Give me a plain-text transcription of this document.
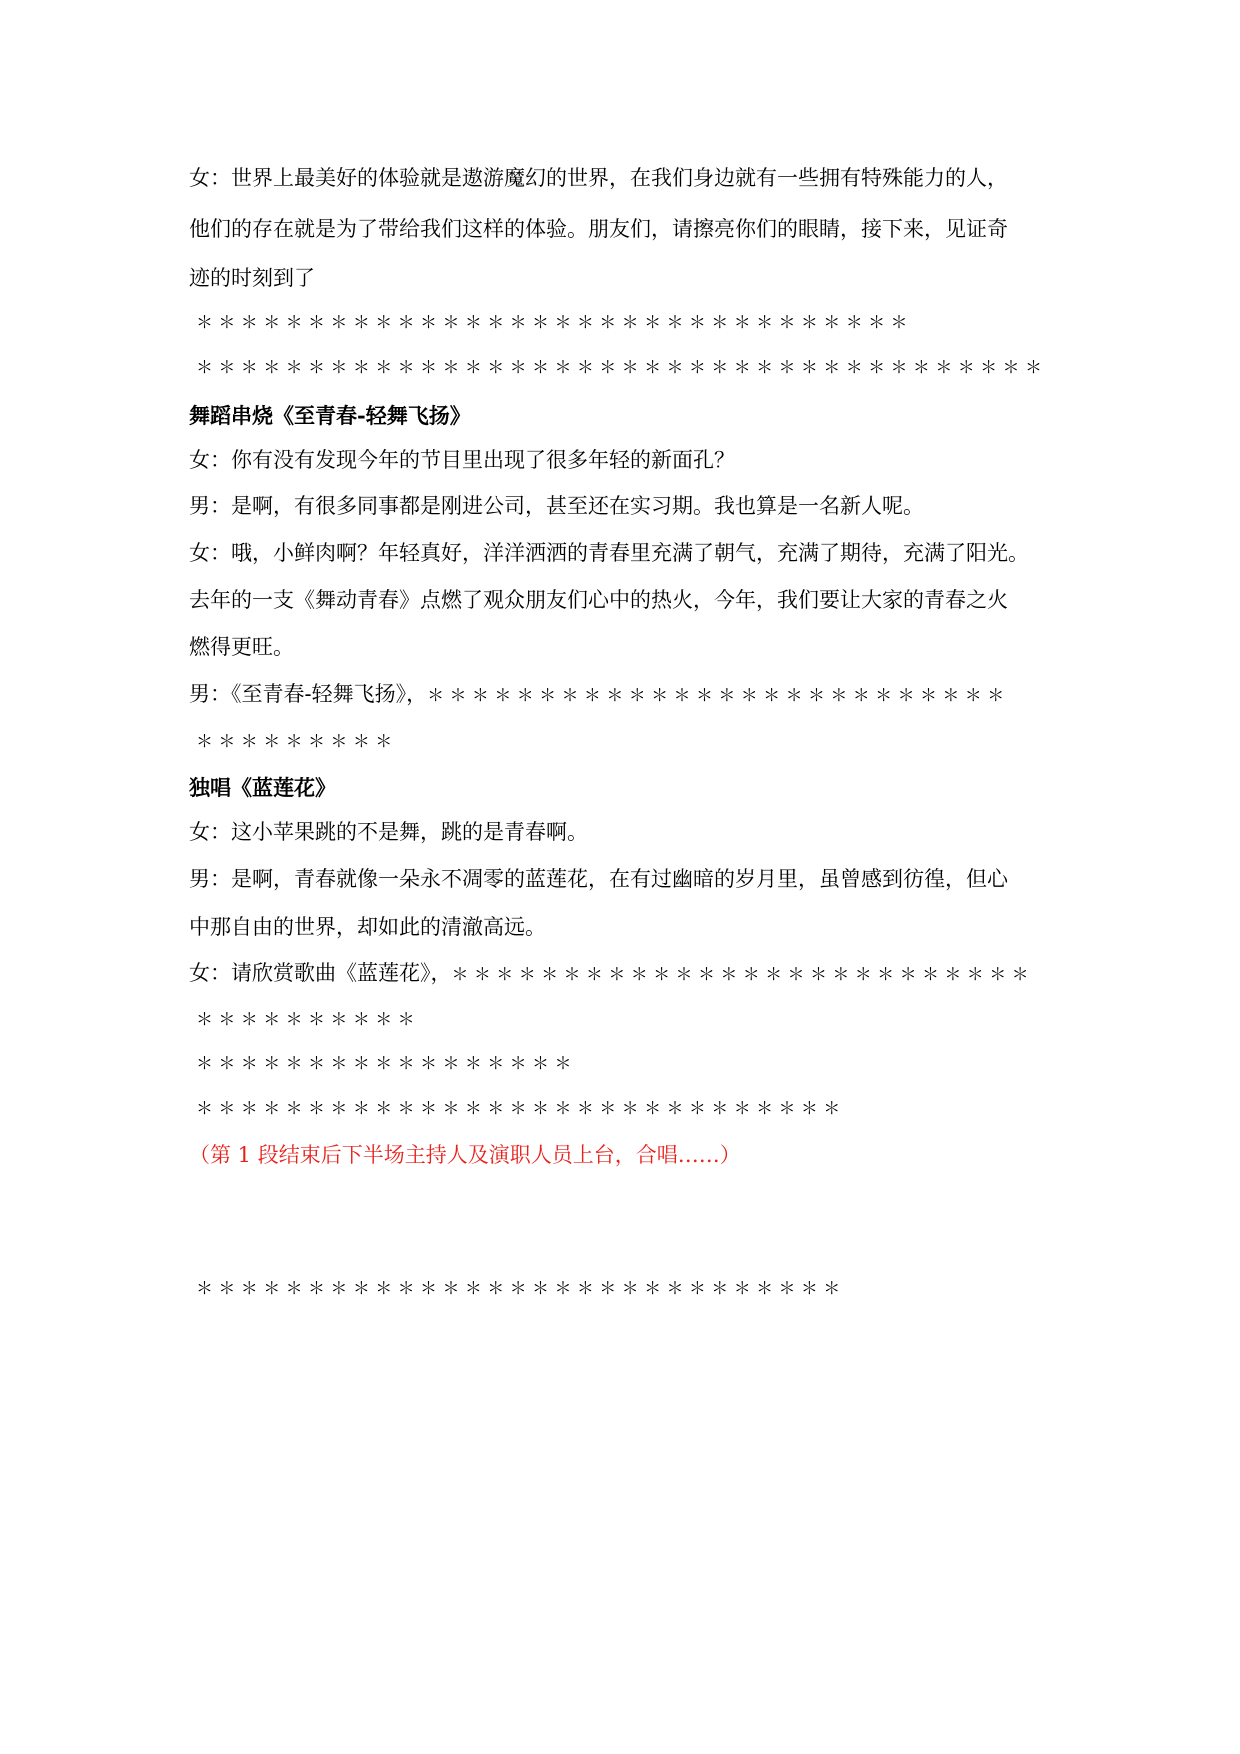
女：世界上最美好的体验就是遨游魔幻的世界，在我们身边就有一些拥有特殊能力的人，
他们的存在就是为了带给我们这样的体验。朋友们，请擦亮你们的眼睛，接下来，见证奇
迹的时刻到了
＊ ＊ ＊ ＊ ＊ ＊ ＊ ＊ ＊ ＊ ＊ ＊ ＊ ＊ ＊ ＊ ＊ ＊ ＊ ＊ ＊ ＊ ＊ ＊ ＊ ＊ ＊ ＊ ＊ ＊ ＊ ＊
＊ ＊ ＊ ＊ ＊ ＊ ＊ ＊ ＊ ＊ ＊ ＊ ＊ ＊ ＊ ＊ ＊ ＊ ＊ ＊ ＊ ＊ ＊ ＊ ＊ ＊ ＊ ＊ ＊ ＊ ＊ ＊ ＊ ＊ ＊ ＊ ＊ ＊
舞蹈串烧《至青春-轻舞飞扬》
女：你有没有发现今年的节目里出现了很多年轻的新面孔？
男：是啊，有很多同事都是刚进公司，甚至还在实习期。我也算是一名新人呢。
女：哦，小鲜肉啊？年轻真好，洋洋洒洒的青春里充满了朝气，充满了期待，充满了阳光。
去年的一支《舞动青春》点燃了观众朋友们心中的热火，今年，我们要让大家的青春之火
燃得更旺。
男：《至青春-轻舞飞扬》，＊ ＊ ＊ ＊ ＊ ＊ ＊ ＊ ＊ ＊ ＊ ＊ ＊ ＊ ＊ ＊ ＊ ＊ ＊ ＊ ＊ ＊ ＊ ＊ ＊ ＊
＊ ＊ ＊ ＊ ＊ ＊ ＊ ＊ ＊
独唱《蓝莲花》
女：这小苹果跳的不是舞，跳的是青春啊。
男：是啊，青春就像一朵永不凋零的蓝莲花，在有过幽暗的岁月里，虽曾感到彷徨，但心
中那自由的世界，却如此的清澈高远。
女：请欣赏歌曲《蓝莲花》，＊ ＊ ＊ ＊ ＊ ＊ ＊ ＊ ＊ ＊ ＊ ＊ ＊ ＊ ＊ ＊ ＊ ＊ ＊ ＊ ＊ ＊ ＊ ＊ ＊ ＊
＊ ＊ ＊ ＊ ＊ ＊ ＊ ＊ ＊ ＊
＊ ＊ ＊ ＊ ＊ ＊ ＊ ＊ ＊ ＊ ＊ ＊ ＊ ＊ ＊ ＊ ＊
＊ ＊ ＊ ＊ ＊ ＊ ＊ ＊ ＊ ＊ ＊ ＊ ＊ ＊ ＊ ＊ ＊ ＊ ＊ ＊ ＊ ＊ ＊ ＊ ＊ ＊ ＊ ＊ ＊
（第 1 段结束后下半场主持人及演职人员上台，合唱……）
＊ ＊ ＊ ＊ ＊ ＊ ＊ ＊ ＊ ＊ ＊ ＊ ＊ ＊ ＊ ＊ ＊ ＊ ＊ ＊ ＊ ＊ ＊ ＊ ＊ ＊ ＊ ＊ ＊
